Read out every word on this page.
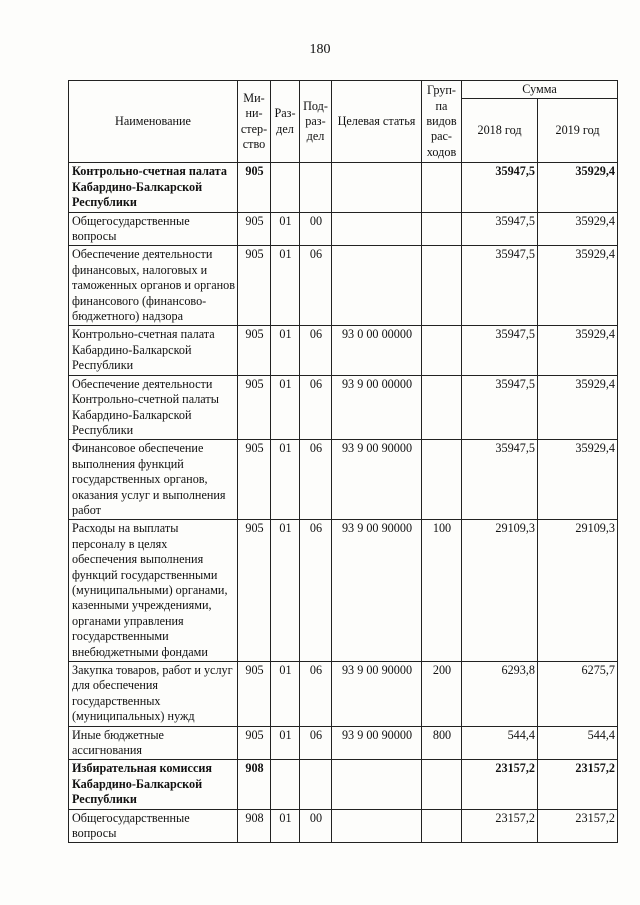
180
Наименование	Ми-ни-стер-ство	Раз-дел	Под-раз-дел	Целевая статья	Груп-па видов рас-ходов	Сумма	
						2018 год	2019 год
Контрольно-счетная палата Кабардино-Балкарской Республики	905					35947,5	35929,4
Общегосударственные вопросы	905	01	00			35947,5	35929,4
Обеспечение деятельности финансовых, налоговых и таможенных органов и органов финансового (финансово-бюджетного) надзора	905	01	06			35947,5	35929,4
Контрольно-счетная палата Кабардино-Балкарской Республики	905	01	06	93 0 00 00000		35947,5	35929,4
Обеспечение деятельности Контрольно-счетной палаты Кабардино-Балкарской Республики	905	01	06	93 9 00 00000		35947,5	35929,4
Финансовое обеспечение выполнения функций государственных органов, оказания услуг и выполнения работ	905	01	06	93 9 00 90000		35947,5	35929,4
Расходы на выплаты персоналу в целях обеспечения выполнения функций государственными (муниципальными) органами, казенными учреждениями, органами управления государственными внебюджетными фондами	905	01	06	93 9 00 90000	100	29109,3	29109,3
Закупка товаров, работ и услуг для обеспечения государственных (муниципальных) нужд	905	01	06	93 9 00 90000	200	6293,8	6275,7
Иные бюджетные ассигнования	905	01	06	93 9 00 90000	800	544,4	544,4
Избирательная комиссия Кабардино-Балкарской Республики	908					23157,2	23157,2
Общегосударственные вопросы	908	01	00			23157,2	23157,2
